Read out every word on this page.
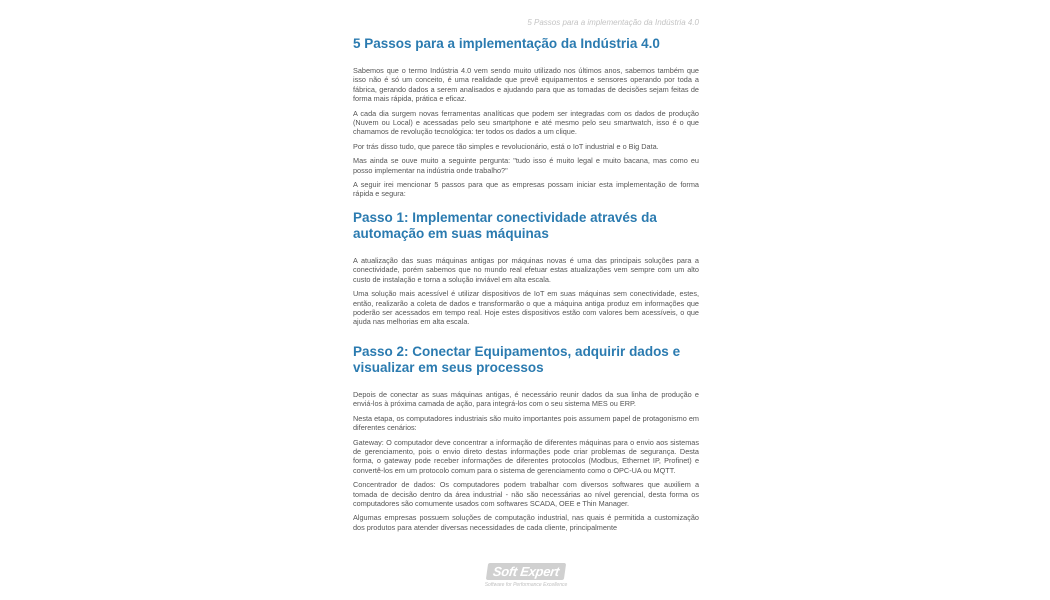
5 Passos para a implementação da Indústria 4.0
5 Passos para a implementação da Indústria 4.0

Sabemos que o termo Indústria 4.0 vem sendo muito utilizado nos últimos anos, sabemos também que isso não é só um conceito, é uma realidade que prevê equipamentos e sensores operando por toda a fábrica, gerando dados a serem analisados e ajudando para que as tomadas de decisões sejam feitas de forma mais rápida, prática e eficaz.

A cada dia surgem novas ferramentas analíticas que podem ser integradas com os dados de produção (Nuvem ou Local) e acessadas pelo seu smartphone e até mesmo pelo seu smartwatch, isso é o que chamamos de revolução tecnológica: ter todos os dados a um clique.

Por trás disso tudo, que parece tão simples e revolucionário, está o IoT industrial e o Big Data.

Mas ainda se ouve muito a seguinte pergunta: "tudo isso é muito legal e muito bacana, mas como eu posso implementar na indústria onde trabalho?"

A seguir irei mencionar 5 passos para que as empresas possam iniciar esta implementação de forma rápida e segura:

Passo 1: Implementar conectividade através da
automação em suas máquinas

A atualização das suas máquinas antigas por máquinas novas é uma das principais soluções para a conectividade, porém sabemos que no mundo real efetuar estas atualizações vem sempre com um alto custo de instalação e torna a solução inviável em alta escala.

Uma solução mais acessível é utilizar dispositivos de IoT em suas máquinas sem conectividade, estes, então, realizarão a coleta de dados e transformarão o que a máquina antiga produz em informações que poderão ser acessados em tempo real. Hoje estes dispositivos estão com valores bem acessíveis, o que ajuda nas melhorias em alta escala.

Passo 2: Conectar Equipamentos, adquirir dados e
visualizar em seus processos

Depois de conectar as suas máquinas antigas, é necessário reunir dados da sua linha de produção e enviá-los à próxima camada de ação, para integrá-los com o seu sistema MES ou ERP.

Nesta etapa, os computadores industriais são muito importantes pois assumem papel de protagonismo em diferentes cenários:

Gateway: O computador deve concentrar a informação de diferentes máquinas para o envio aos sistemas de gerenciamento, pois o envio direto destas informações pode criar problemas de segurança. Desta forma, o gateway pode receber informações de diferentes protocolos (Modbus, Ethernet IP, Profinet) e convertê-los em um protocolo comum para o sistema de gerenciamento como o OPC-UA ou MQTT.

Concentrador de dados: Os computadores podem trabalhar com diversos softwares que auxiliem a tomada de decisão dentro da área industrial - não são necessárias ao nível gerencial, desta forma os computadores são comumente usados com softwares SCADA, OEE e Thin Manager.

Algumas empresas possuem soluções de computação industrial, nas quais é permitida a customização dos produtos para atender diversas necessidades de cada cliente, principalmente

Soft Expert
Software for Performance Excellence
